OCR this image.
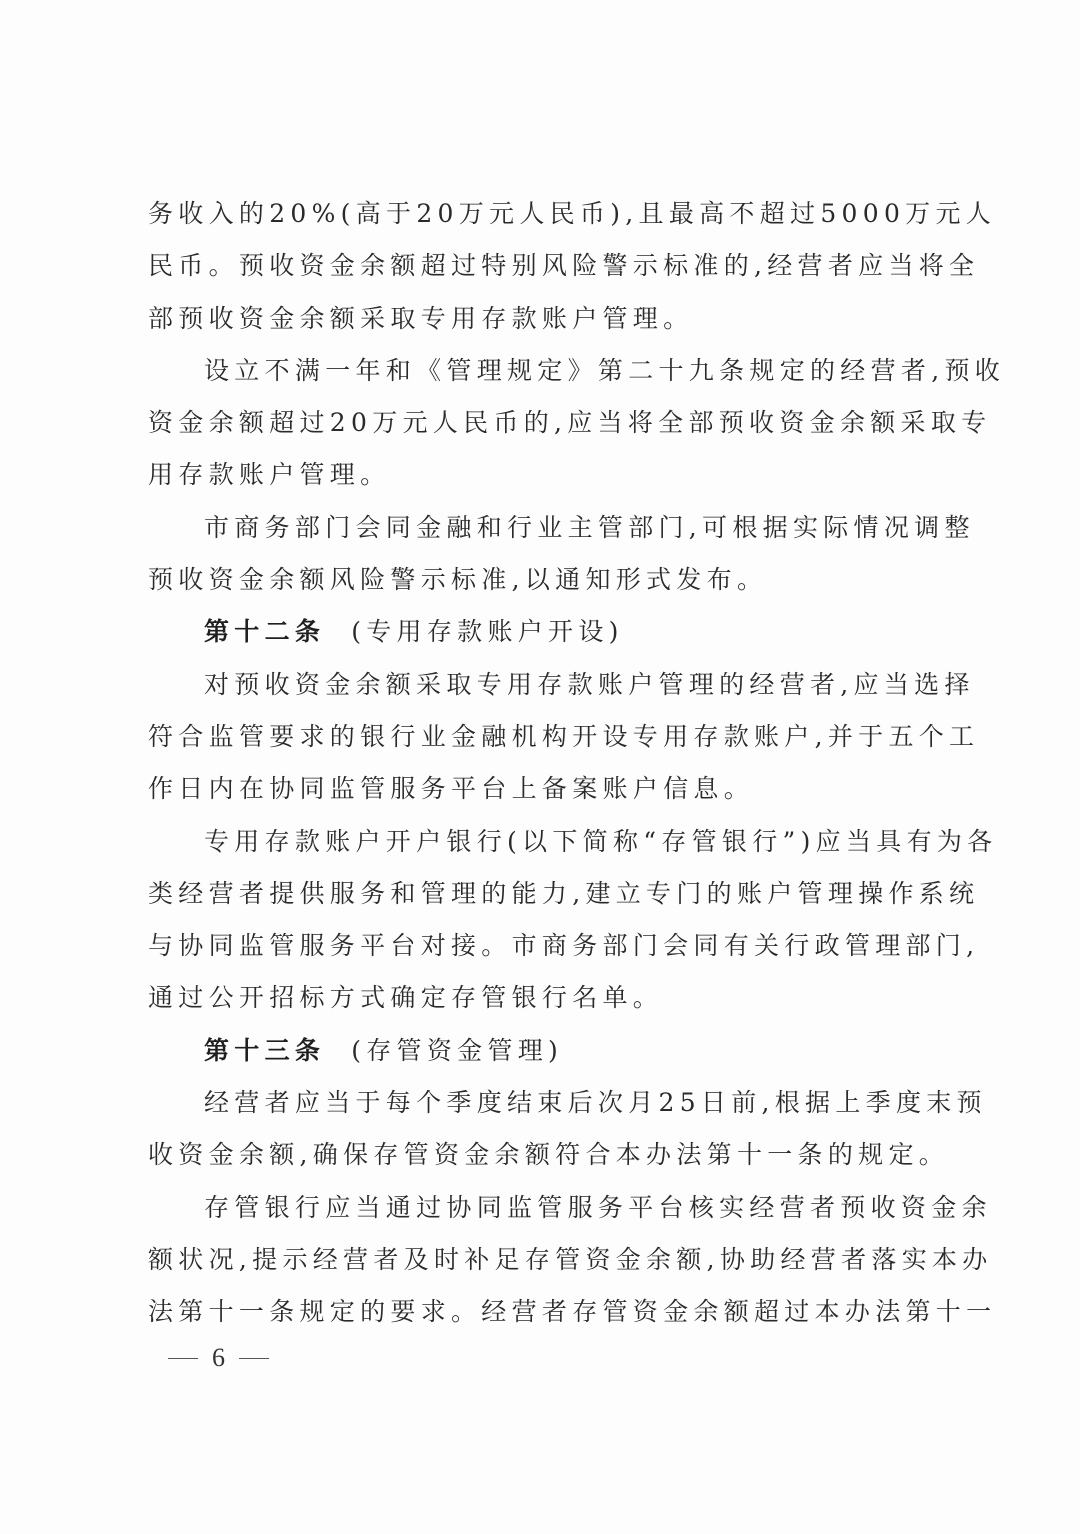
务收入的20%(高于20万元人民币),且最高不超过5000万元人
民币。预收资金余额超过特别风险警示标准的,经营者应当将全
部预收资金余额采取专用存款账户管理。
设立不满一年和《管理规定》第二十九条规定的经营者,预收
资金余额超过20万元人民币的,应当将全部预收资金余额采取专
用存款账户管理。
市商务部门会同金融和行业主管部门,可根据实际情况调整
预收资金余额风险警示标准,以通知形式发布。
第十二条 (专用存款账户开设)
对预收资金余额采取专用存款账户管理的经营者,应当选择
符合监管要求的银行业金融机构开设专用存款账户,并于五个工
作日内在协同监管服务平台上备案账户信息。
专用存款账户开户银行(以下简称“存管银行”)应当具有为各
类经营者提供服务和管理的能力,建立专门的账户管理操作系统
与协同监管服务平台对接。市商务部门会同有关行政管理部门,
通过公开招标方式确定存管银行名单。
第十三条 (存管资金管理)
经营者应当于每个季度结束后次月25日前,根据上季度末预
收资金余额,确保存管资金余额符合本办法第十一条的规定。
存管银行应当通过协同监管服务平台核实经营者预收资金余
额状况,提示经营者及时补足存管资金余额,协助经营者落实本办
法第十一条规定的要求。经营者存管资金余额超过本办法第十一
6
